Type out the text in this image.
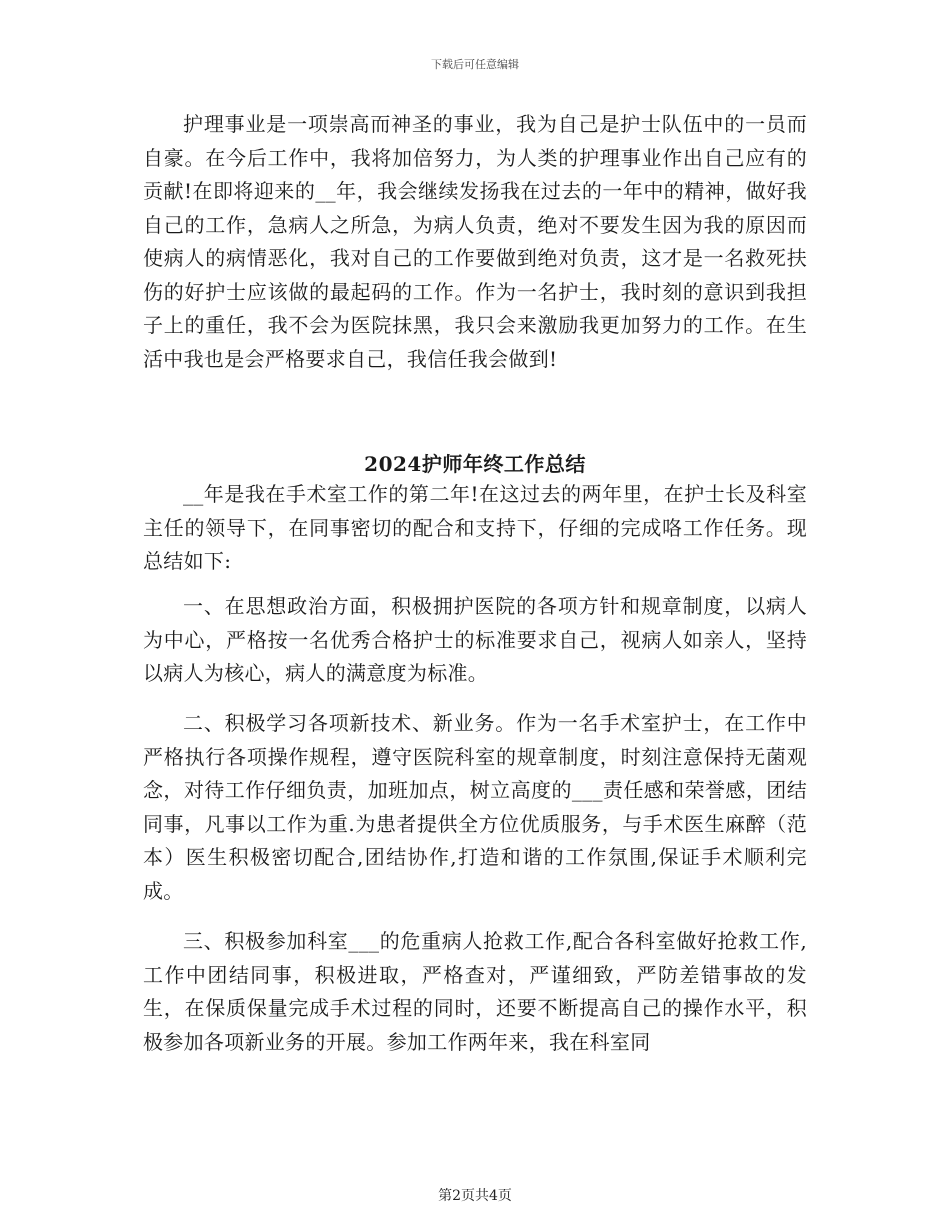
下载后可任意编辑

护理事业是一项崇高而神圣的事业，我为自己是护士队伍中的一员而自豪。在今后工作中，我将加倍努力，为人类的护理事业作出自己应有的贡献!在即将迎来的__年，我会继续发扬我在过去的一年中的精神，做好我自己的工作，急病人之所急，为病人负责，绝对不要发生因为我的原因而使病人的病情恶化，我对自己的工作要做到绝对负责，这才是一名救死扶伤的好护士应该做的最起码的工作。作为一名护士，我时刻的意识到我担子上的重任，我不会为医院抹黑，我只会来激励我更加努力的工作。在生活中我也是会严格要求自己，我信任我会做到!

2024护师年终工作总结

__年是我在手术室工作的第二年!在这过去的两年里，在护士长及科室主任的领导下，在同事密切的配合和支持下，仔细的完成咯工作任务。现总结如下:

一、在思想政治方面，积极拥护医院的各项方针和规章制度，以病人为中心，严格按一名优秀合格护士的标准要求自己，视病人如亲人，坚持以病人为核心，病人的满意度为标准。

二、积极学习各项新技术、新业务。作为一名手术室护士，在工作中严格执行各项操作规程，遵守医院科室的规章制度，时刻注意保持无菌观念，对待工作仔细负责，加班加点，树立高度的___责任感和荣誉感，团结同事，凡事以工作为重.为患者提供全方位优质服务，与手术医生麻醉（范本）医生积极密切配合,团结协作,打造和谐的工作氛围,保证手术顺利完成。

三、积极参加科室___的危重病人抢救工作,配合各科室做好抢救工作,工作中团结同事，积极进取，严格查对，严谨细致，严防差错事故的发生，在保质保量完成手术过程的同时，还要不断提高自己的操作水平，积极参加各项新业务的开展。参加工作两年来，我在科室同

第2页共4页
